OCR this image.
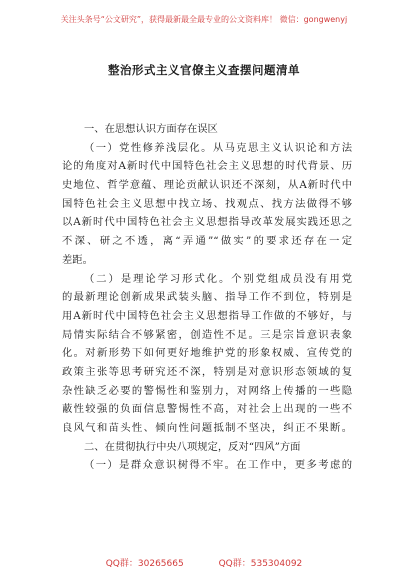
关注头条号“公文研究”，获得最新最全最专业的公文资料库！ 微信：gongwenyj
整治形式主义官僚主义查摆问题清单
一、在思想认识方面存在误区
（一）党性修养浅层化。从马克思主义认识论和方法
论的角度对A新时代中国特色社会主义思想的时代背景、历
史地位、哲学意蕴、理论贡献认识还不深刻，从A新时代中
国特色社会主义思想中找立场、找观点、找方法做得不够
以A新时代中国特色社会主义思想指导改革发展实践还思之
不深、研之不透，离“弄通”“做实”的要求还存在一定
差距。
（二）是理论学习形式化。个别党组成员没有用党
的最新理论创新成果武装头脑、指导工作不到位，特别是
用A新时代中国特色社会主义思想指导工作做的不够好，与
局情实际结合不够紧密，创造性不足。三是宗旨意识表象
化。对新形势下如何更好地维护党的形象权威、宣传党的
政策主张等思考研究还不深，特别是对意识形态领域的复
杂性缺乏必要的警惕性和鉴别力，对网络上传播的一些隐
蔽性较强的负面信息警惕性不高，对社会上出现的一些不
良风气和苗头性、倾向性问题抵制不坚决，纠正不果断。
二、在贯彻执行中央八项规定，反对“四风”方面
（一）是群众意识树得不牢。在工作中，更多考虑的
QQ群：30265665	QQ群：535304092
